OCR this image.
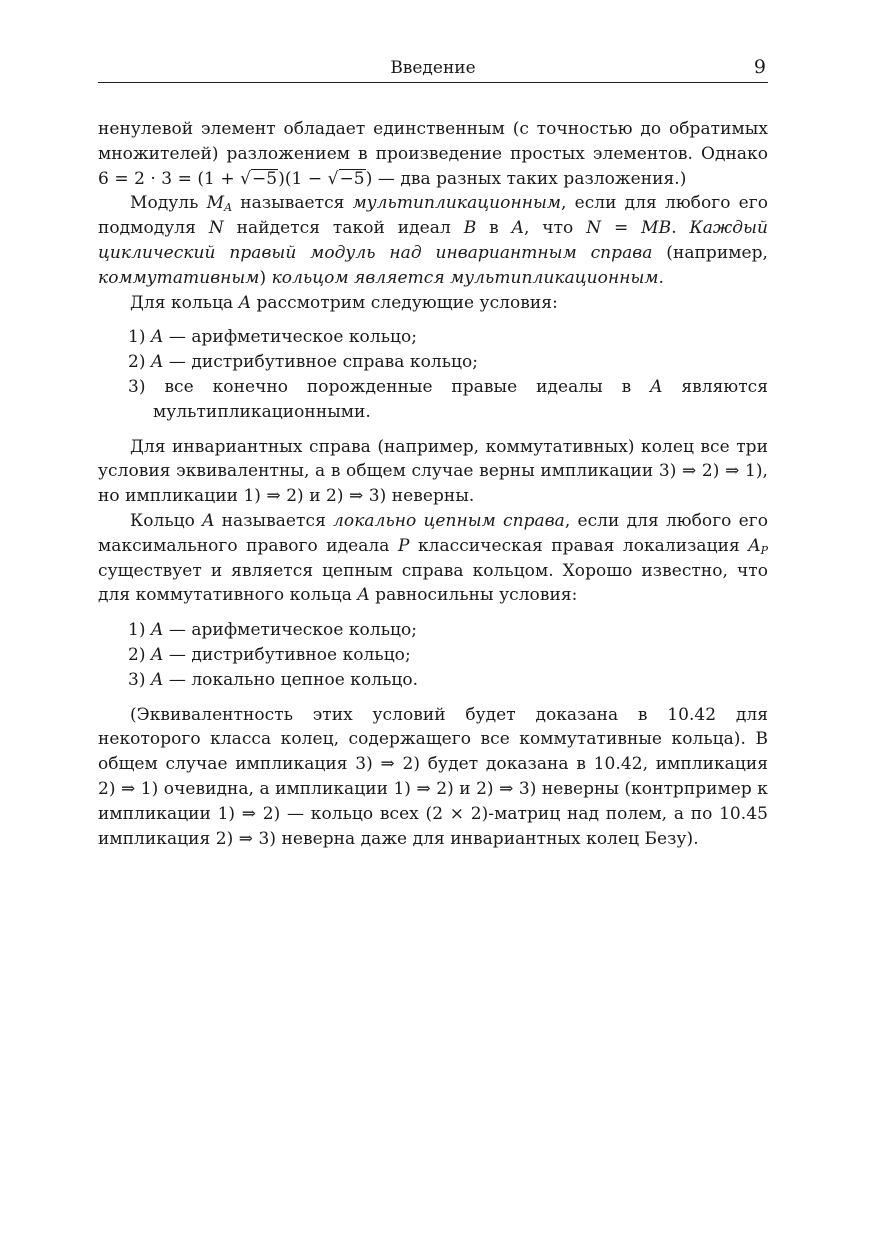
Введение	9

ненулевой элемент обладает единственным (с точностью до обратимых множителей) разложением в произведение простых элементов. Однако 6 = 2 · 3 = (1 + √−5)(1 − √−5) — два разных таких разложения.)

Модуль $M_A$ называется мультипликационным, если для любого его подмодуля N найдется такой идеал B в A, что N = MB. Каждый циклический правый модуль над инвариантным справа (например, коммутативным) кольцом является мультипликационным.

Для кольца A рассмотрим следующие условия:

1) A — арифметическое кольцо;
2) A — дистрибутивное справа кольцо;
3) все конечно порожденные правые идеалы в A являются мультипликационными.

Для инвариантных справа (например, коммутативных) колец все три условия эквивалентны, а в общем случае верны импликации 3) ⇒ 2) ⇒ 1), но импликации 1) ⇒ 2) и 2) ⇒ 3) неверны.

Кольцо A называется локально цепным справа, если для любого его максимального правого идеала P классическая правая локализация $A_P$ существует и является цепным справа кольцом. Хорошо известно, что для коммутативного кольца A равносильны условия:

1) A — арифметическое кольцо;
2) A — дистрибутивное кольцо;
3) A — локально цепное кольцо.

(Эквивалентность этих условий будет доказана в 10.42 для некоторого класса колец, содержащего все коммутативные кольца). В общем случае импликация 3) ⇒ 2) будет доказана в 10.42, импликация 2) ⇒ 1) очевидна, а импликации 1) ⇒ 2) и 2) ⇒ 3) неверны (контрпример к импликации 1) ⇒ 2) — кольцо всех (2 × 2)-матриц над полем, а по 10.45 импликация 2) ⇒ 3) неверна даже для инвариантных колец Безу).
